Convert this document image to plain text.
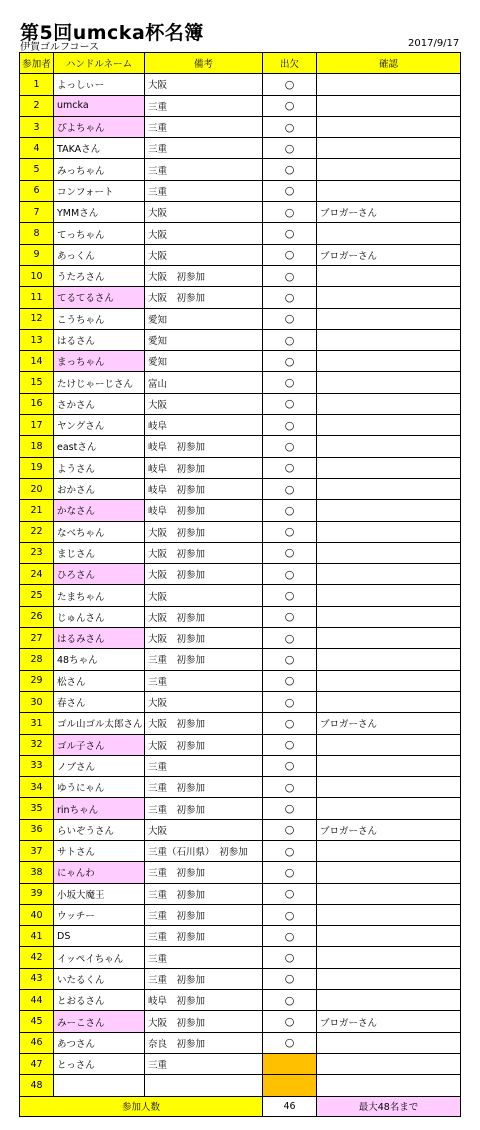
第5回umcka杯名簿
伊賀ゴルフコース	2017/9/17
参加者	ハンドルネーム	備考	出欠	確認
1	よっしぃー	大阪	○	
2	umcka	三重	○	
3	ぴよちゃん	三重	○	
4	TAKAさん	三重	○	
5	みっちゃん	三重	○	
6	コンフォート	三重	○	
7	YMMさん	大阪	○	ブロガーさん
8	てっちゃん	大阪	○	
9	あっくん	大阪	○	ブロガーさん
10	うたろさん	大阪　初参加	○	
11	てるてるさん	大阪　初参加	○	
12	こうちゃん	愛知	○	
13	はるさん	愛知	○	
14	まっちゃん	愛知	○	
15	たけじゃーじさん	富山	○	
16	さかさん	大阪	○	
17	ヤングさん	岐阜	○	
18	eastさん	岐阜　初参加	○	
19	ようさん	岐阜　初参加	○	
20	おかさん	岐阜　初参加	○	
21	かなさん	岐阜　初参加	○	
22	なべちゃん	大阪　初参加	○	
23	まじさん	大阪　初参加	○	
24	ひろさん	大阪　初参加	○	
25	たまちゃん	大阪	○	
26	じゅんさん	大阪　初参加	○	
27	はるみさん	大阪　初参加	○	
28	48ちゃん	三重　初参加	○	
29	松さん	三重	○	
30	春さん	大阪	○	
31	ゴル山ゴル太郎さん	大阪　初参加	○	ブロガーさん
32	ゴル子さん	大阪　初参加	○	
33	ノブさん	三重	○	
34	ゆうにゃん	三重　初参加	○	
35	rinちゃん	三重　初参加	○	
36	らいぞうさん	大阪	○	ブロガーさん
37	サトさん	三重（石川県）　初参加	○	
38	にゃんわ	三重　初参加	○	
39	小坂大魔王	三重　初参加	○	
40	ウッチー	三重　初参加	○	
41	DS	三重　初参加	○	
42	イッペイちゃん	三重	○	
43	いたるくん	三重　初参加	○	
44	とおるさん	岐阜　初参加	○	
45	みーこさん	大阪　初参加	○	ブロガーさん
46	あつさん	奈良　初参加	○	
47	とっさん	三重		
48				
参加人数			46	最大48名まで
